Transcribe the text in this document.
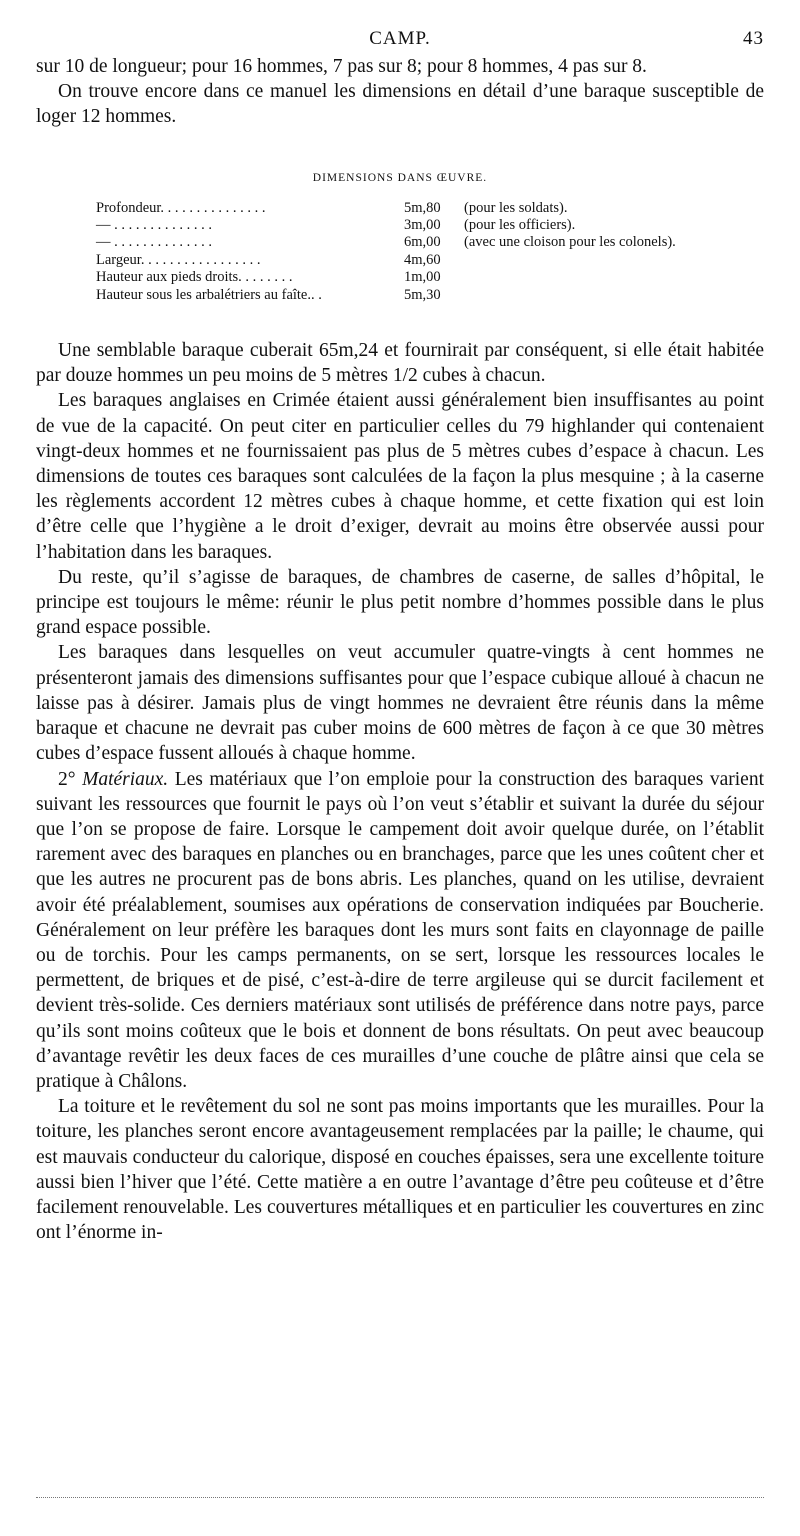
CAMP.	43

sur 10 de longueur; pour 16 hommes, 7 pas sur 8; pour 8 hommes, 4 pas sur 8.

On trouve encore dans ce manuel les dimensions en détail d’une baraque susceptible de loger 12 hommes.

DIMENSIONS DANS ŒUVRE.
Profondeur. . . . . . . . . . . . . . .	5m,80	(pour les soldats).
— . . . . . . . . . . . . . .	3m,00	(pour les officiers).
— . . . . . . . . . . . . . .	6m,00	(avec une cloison pour les colonels).
Largeur. . . . . . . . . . . . . . . . .	4m,60	
Hauteur aux pieds droits. . . . . . . .	1m,00	
Hauteur sous les arbalétriers au faîte.. .	5m,30	

Une semblable baraque cuberait 65m,24 et fournirait par conséquent, si elle était habitée par douze hommes un peu moins de 5 mètres 1/2 cubes à chacun.

Les baraques anglaises en Crimée étaient aussi généralement bien insuffisantes au point de vue de la capacité. On peut citer en particulier celles du 79 highlander qui contenaient vingt-deux hommes et ne fournissaient pas plus de 5 mètres cubes d’espace à chacun. Les dimensions de toutes ces baraques sont calculées de la façon la plus mesquine ; à la caserne les règlements accordent 12 mètres cubes à chaque homme, et cette fixation qui est loin d’être celle que l’hygiène a le droit d’exiger, devrait au moins être observée aussi pour l’habitation dans les baraques.

Du reste, qu’il s’agisse de baraques, de chambres de caserne, de salles d’hôpital, le principe est toujours le même: réunir le plus petit nombre d’hommes possible dans le plus grand espace possible.

Les baraques dans lesquelles on veut accumuler quatre-vingts à cent hommes ne présenteront jamais des dimensions suffisantes pour que l’espace cubique alloué à chacun ne laisse pas à désirer. Jamais plus de vingt hommes ne devraient être réunis dans la même baraque et chacune ne devrait pas cuber moins de 600 mètres de façon à ce que 30 mètres cubes d’espace fussent alloués à chaque homme.

2° Matériaux. Les matériaux que l’on emploie pour la construction des baraques varient suivant les ressources que fournit le pays où l’on veut s’établir et suivant la durée du séjour que l’on se propose de faire. Lorsque le campement doit avoir quelque durée, on l’établit rarement avec des baraques en planches ou en branchages, parce que les unes coûtent cher et que les autres ne procurent pas de bons abris. Les planches, quand on les utilise, devraient avoir été préalablement, soumises aux opérations de conservation indiquées par Boucherie. Généralement on leur préfère les baraques dont les murs sont faits en clayonnage de paille ou de torchis. Pour les camps permanents, on se sert, lorsque les ressources locales le permettent, de briques et de pisé, c’est-à-dire de terre argileuse qui se durcit facilement et devient très-solide. Ces derniers matériaux sont utilisés de préférence dans notre pays, parce qu’ils sont moins coûteux que le bois et donnent de bons résultats. On peut avec beaucoup d’avantage revêtir les deux faces de ces murailles d’une couche de plâtre ainsi que cela se pratique à Châlons.

La toiture et le revêtement du sol ne sont pas moins importants que les murailles. Pour la toiture, les planches seront encore avantageusement remplacées par la paille; le chaume, qui est mauvais conducteur du calorique, disposé en couches épaisses, sera une excellente toiture aussi bien l’hiver que l’été. Cette matière a en outre l’avantage d’être peu coûteuse et d’être facilement renouvelable. Les couvertures métalliques et en particulier les couvertures en zinc ont l’énorme in-
